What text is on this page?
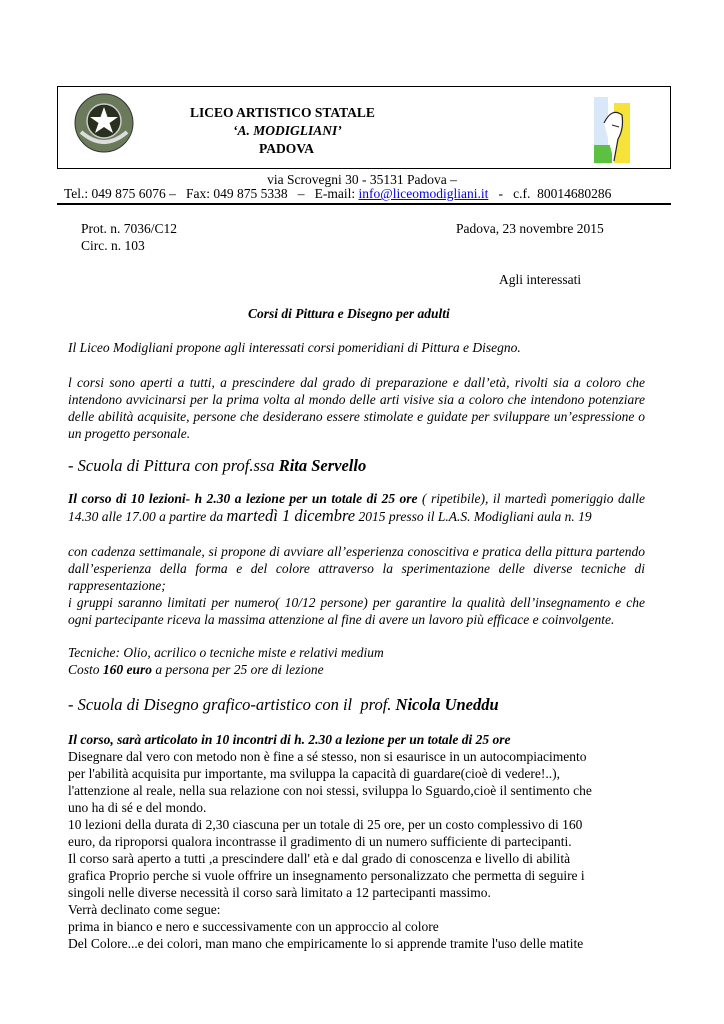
LICEO ARTISTICO STATALE
‘A. MODIGLIANI’
PADOVA
via Scrovegni 30 - 35131 Padova –
Tel.: 049 875 6076 –   Fax: 049 875 5338   –   E-mail: info@liceomodigliani.it   -   c.f.  80014680286
Prot. n. 7036/C12
Circ. n. 103
Padova, 23 novembre 2015
Agli interessati
Corsi di Pittura e Disegno per adulti
Il Liceo Modigliani propone agli interessati corsi pomeridiani di Pittura e Disegno.
l corsi sono aperti a tutti, a prescindere dal grado di preparazione e dall’età, rivolti sia a coloro che intendono avvicinarsi per la prima volta al mondo delle arti visive sia a coloro che intendono potenziare delle abilità acquisite, persone che desiderano essere stimolate e guidate per sviluppare un’espressione o un progetto personale.
- Scuola di Pittura con prof.ssa Rita Servello
Il corso di 10 lezioni- h 2.30 a lezione per un totale di 25 ore ( ripetibile), il martedì pomeriggio dalle 14.30 alle 17.00 a partire da martedì 1 dicembre 2015 presso il L.A.S. Modigliani aula n. 19
con cadenza settimanale, si propone di avviare all’esperienza conoscitiva e pratica della pittura partendo dall’esperienza della forma e del colore attraverso la sperimentazione delle diverse tecniche di rappresentazione;
i gruppi saranno limitati per numero( 10/12 persone) per garantire la qualità dell’insegnamento e che ogni partecipante riceva la massima attenzione al fine di avere un lavoro più efficace e coinvolgente.
Tecniche: Olio, acrilico o tecniche miste e relativi medium
Costo 160 euro a persona per 25 ore di lezione
- Scuola di Disegno grafico-artistico con il  prof. Nicola Uneddu
Il corso, sarà articolato in 10 incontri di h. 2.30 a lezione per un totale di 25 ore
Disegnare dal vero con metodo non è fine a sé stesso, non si esaurisce in un autocompiacimento
per l'abilità acquisita pur importante, ma sviluppa la capacità di guardare(cioè di vedere!..),
l'attenzione al reale, nella sua relazione con noi stessi, sviluppa lo Sguardo,cioè il sentimento che
uno ha di sé e del mondo.
10 lezioni della durata di 2,30 ciascuna per un totale di 25 ore, per un costo complessivo di 160
euro, da riproporsi qualora incontrasse il gradimento di un numero sufficiente di partecipanti.
Il corso sarà aperto a tutti ,a prescindere dall' età e dal grado di conoscenza e livello di abilità
grafica Proprio perche si vuole offrire un insegnamento personalizzato che permetta di seguire i
singoli nelle diverse necessità il corso sarà limitato a 12 partecipanti massimo.
Verrà declinato come segue:
prima in bianco e nero e successivamente con un approccio al colore
Del Colore...e dei colori, man mano che empiricamente lo si apprende tramite l'uso delle matite
